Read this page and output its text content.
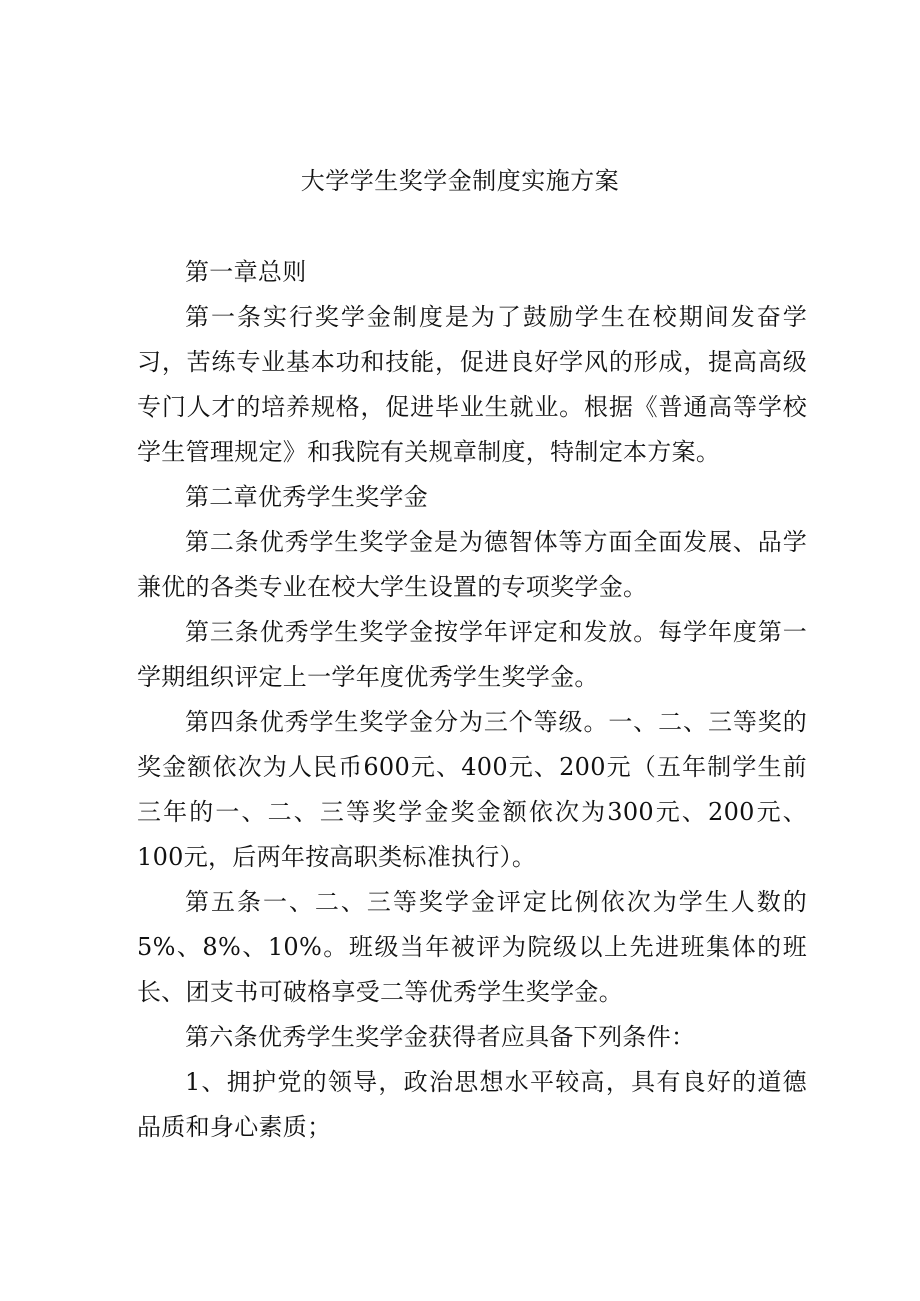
大学学生奖学金制度实施方案

第一章总则

第一条实行奖学金制度是为了鼓励学生在校期间发奋学习，苦练专业基本功和技能，促进良好学风的形成，提高高级专门人才的培养规格，促进毕业生就业。根据《普通高等学校学生管理规定》和我院有关规章制度，特制定本方案。

第二章优秀学生奖学金

第二条优秀学生奖学金是为德智体等方面全面发展、品学兼优的各类专业在校大学生设置的专项奖学金。

第三条优秀学生奖学金按学年评定和发放。每学年度第一学期组织评定上一学年度优秀学生奖学金。

第四条优秀学生奖学金分为三个等级。一、二、三等奖的奖金额依次为人民币600元、400元、200元（五年制学生前三年的一、二、三等奖学金奖金额依次为300元、200元、100元，后两年按高职类标准执行）。

第五条一、二、三等奖学金评定比例依次为学生人数的5%、8%、10%。班级当年被评为院级以上先进班集体的班长、团支书可破格享受二等优秀学生奖学金。

第六条优秀学生奖学金获得者应具备下列条件：

1、拥护党的领导，政治思想水平较高，具有良好的道德品质和身心素质；
